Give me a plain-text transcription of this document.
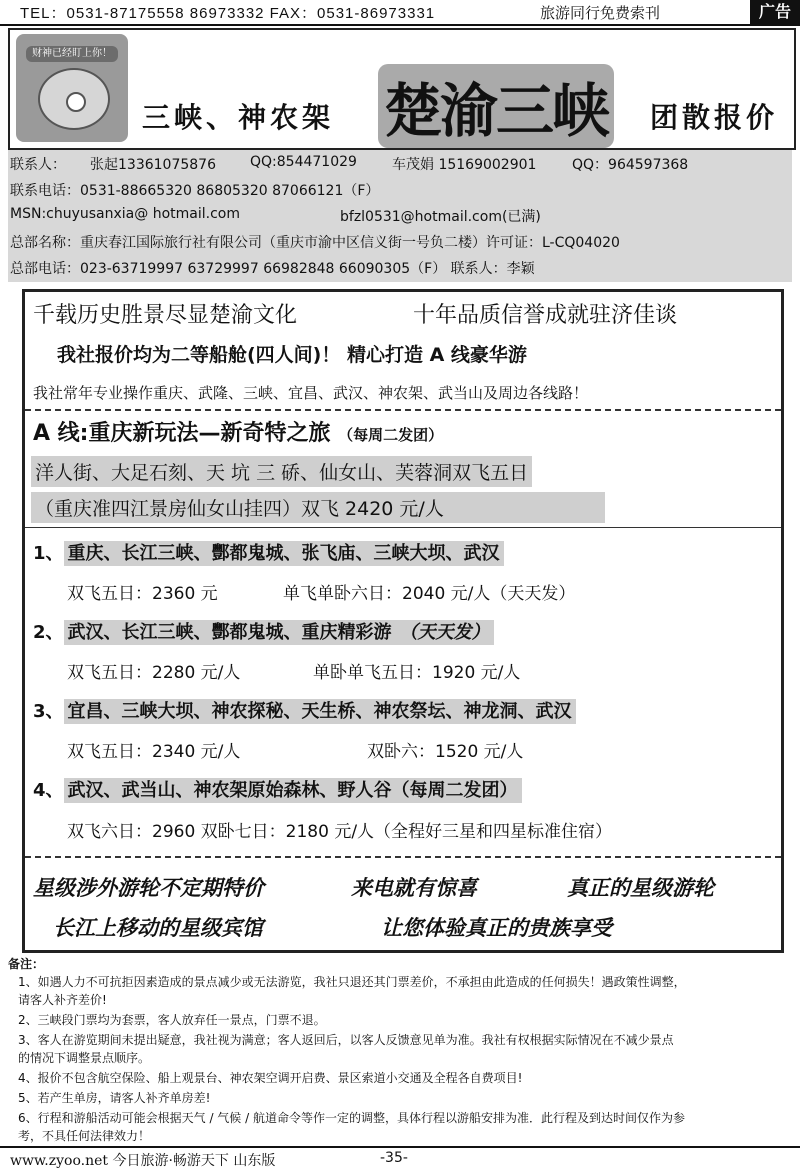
TEL：0531-87175558 86973332 FAX：0531-86973331	旅游同行免费索刊	广告
财神已经盯上你！
三峡、神农架 楚渝三峡 团散报价
联系人： 张起13361075876 QQ:854471029	车茂娟 15169002901	QQ：964597368
联系电话：0531-88665320 86805320 87066121（F）
MSN:chuyusanxia@ hotmail.com	bfzl0531@hotmail.com(已满)
总部名称：重庆春江国际旅行社有限公司（重庆市渝中区信义街一号负二楼）许可证：L-CQ04020
总部电话：023-63719997 63729997 66982848 66090305（F） 联系人：李颖
千载历史胜景尽显楚渝文化	十年品质信誉成就驻济佳谈
我社报价均为二等船舱(四人间)！ 精心打造 A 线豪华游
我社常年专业操作重庆、武隆、三峡、宜昌、武汉、神农架、武当山及周边各线路！
A 线:重庆新玩法—新奇特之旅 （每周二发团）
洋人街、大足石刻、天 坑 三 硚、仙女山、芙蓉洞双飞五日
（重庆准四江景房仙女山挂四）双飞 2420 元/人
1、 重庆、长江三峡、酆都鬼城、张飞庙、三峡大坝、武汉
双飞五日：2360 元	单飞单卧六日：2040 元/人（天天发）
2、 武汉、长江三峡、酆都鬼城、重庆精彩游 （天天发）
双飞五日：2280 元/人	单卧单飞五日：1920 元/人
3、 宜昌、三峡大坝、神农探秘、天生桥、神农祭坛、神龙洞、武汉
双飞五日：2340 元/人	双卧六：1520 元/人
4、 武汉、武当山、神农架原始森林、野人谷（每周二发团）
双飞六日：2960 双卧七日：2180 元/人（全程好三星和四星标准住宿）
星级涉外游轮不定期特价	来电就有惊喜	真正的星级游轮
长江上移动的星级宾馆	让您体验真正的贵族享受
备注：
1、如遇人力不可抗拒因素造成的景点减少或无法游览，我社只退还其门票差价，不承担由此造成的任何损失！遇政策性调整，
请客人补齐差价!
2、三峡段门票均为套票，客人放弃任一景点，门票不退。
3、客人在游览期间未提出疑意，我社视为满意；客人返回后，以客人反馈意见单为准。我社有权根据实际情况在不减少景点
的情况下调整景点顺序。
4、报价不包含航空保险、船上观景台、神农架空调开启费、景区索道小交通及全程各自费项目!
5、若产生单房，请客人补齐单房差!
6、行程和游船活动可能会根据天气 / 气候 / 航道命令等作一定的调整，具体行程以游船安排为准．此行程及到达时间仅作为参
考，不具任何法律效力！
www.zyoo.net 今日旅游·畅游天下 山东版	-35-
